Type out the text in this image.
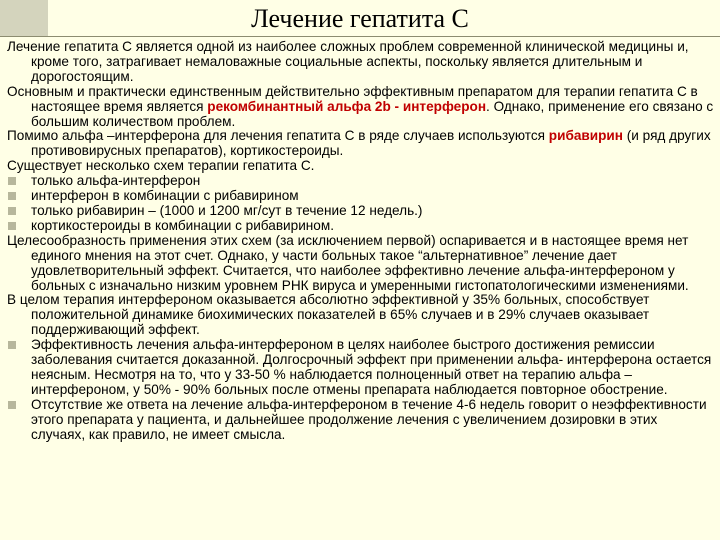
Лечение гепатита С

Лечение гепатита С является одной из наиболее сложных проблем современной клинической медицины и, кроме того, затрагивает немаловажные социальные аспекты, поскольку является длительным и дорогостоящим.

Основным и практически единственным действительно эффективным препаратом для терапии гепатита С в настоящее время является рекомбинантный альфа 2b - интерферон. Однако, применение его связано с большим количеством проблем.

Помимо альфа –интерферона для лечения гепатита С в ряде случаев используются рибавирин (и ряд других противовирусных препаратов), кортикостероиды.

Существует несколько схем терапии гепатита С.

только альфа-интерферон

интерферон в комбинации с рибавирином

только рибавирин – (1000 и 1200 мг/сут в течение 12 недель.)

кортикостероиды в комбинации с рибавирином.

Целесообразность применения этих схем (за исключением первой) оспаривается и в настоящее время нет единого мнения на этот счет. Однако, у части больных такое “альтернативное” лечение дает удовлетворительный эффект. Считается, что наиболее эффективно лечение альфа-интерфероном у больных с изначально низким уровнем РНК вируса и умеренными гистопатологическими изменениями.

В целом терапия интерфероном оказывается абсолютно эффективной у 35% больных, способствует положительной динамике биохимических показателей в 65% случаев и в 29% случаев оказывает поддерживающий эффект.

Эффективность лечения альфа-интерфероном в целях наиболее быстрого достижения ремиссии заболевания считается доказанной. Долгосрочный эффект при применении альфа- интерферона остается неясным. Несмотря на то, что у 33-50 % наблюдается полноценный ответ на терапию альфа – интерфероном, у 50% - 90% больных после отмены препарата наблюдается повторное обострение.

Отсутствие же ответа на лечение альфа-интерфероном в течение 4-6 недель говорит о неэффективности этого препарата у пациента, и дальнейшее продолжение лечения с увеличением дозировки в этих случаях, как правило, не имеет смысла.
